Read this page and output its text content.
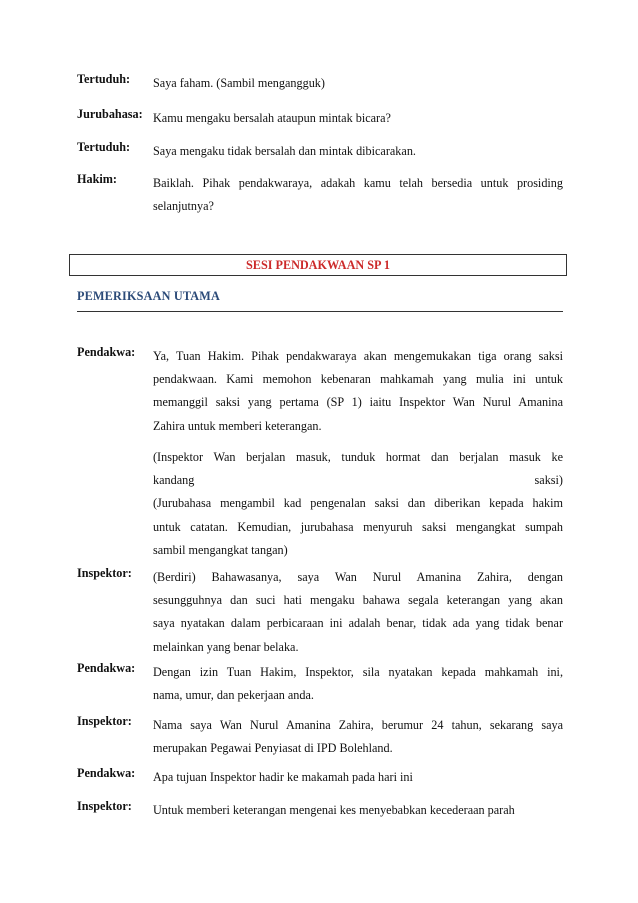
Tertuduh: Saya faham. (Sambil mengangguk)
Jurubahasa: Kamu mengaku bersalah ataupun mintak bicara?
Tertuduh: Saya mengaku tidak bersalah dan mintak dibicarakan.
Hakim:	Baiklah. Pihak pendakwaraya, adakah kamu telah bersedia untuk prosiding
selanjutnya?
SESI PENDAKWAAN SP 1
PEMERIKSAAN UTAMA
Pendakwa: Ya, Tuan Hakim. Pihak pendakwaraya akan mengemukakan tiga orang saksi
pendakwaan. Kami memohon kebenaran mahkamah yang mulia ini untuk
memanggil saksi yang pertama (SP 1) iaitu Inspektor Wan Nurul Amanina
Zahira untuk memberi keterangan.
(Inspektor Wan berjalan masuk, tunduk hormat dan berjalan masuk ke
kandang saksi)
(Jurubahasa mengambil kad pengenalan saksi dan diberikan kepada hakim
untuk catatan. Kemudian, jurubahasa menyuruh saksi mengangkat sumpah
sambil mengangkat tangan)
Inspektor: (Berdiri) Bahawasanya, saya Wan Nurul Amanina Zahira, dengan
sesungguhnya dan suci hati mengaku bahawa segala keterangan yang akan
saya nyatakan dalam perbicaraan ini adalah benar, tidak ada yang tidak benar
melainkan yang benar belaka.
Pendakwa: Dengan izin Tuan Hakim, Inspektor, sila nyatakan kepada mahkamah ini,
nama, umur, dan pekerjaan anda.
Inspektor: Nama saya Wan Nurul Amanina Zahira, berumur 24 tahun, sekarang saya
merupakan Pegawai Penyiasat di IPD Bolehland.
Pendakwa: Apa tujuan Inspektor hadir ke makamah pada hari ini
Inspektor: Untuk memberi keterangan mengenai kes menyebabkan kecederaan parah
